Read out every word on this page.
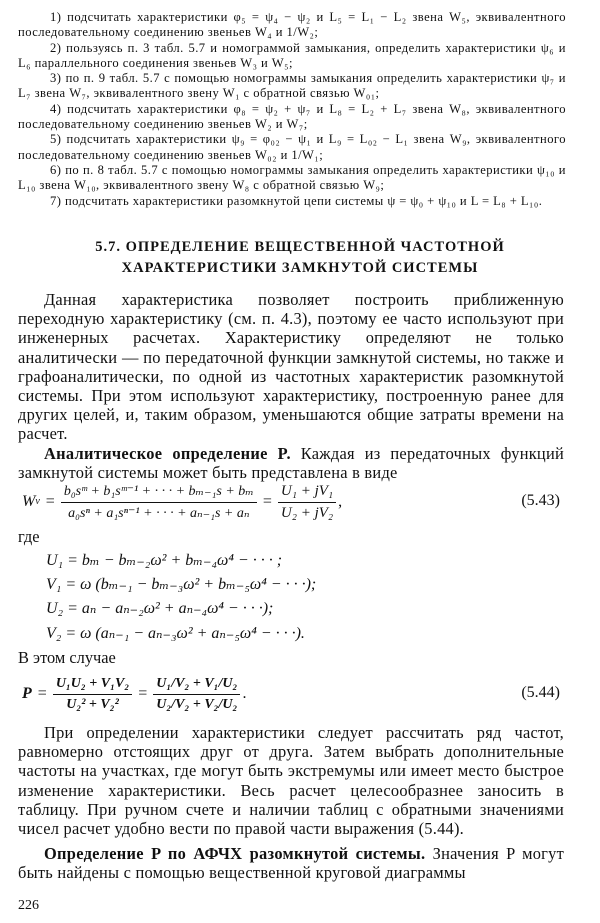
1) подсчитать характеристики φ₅ = ψ₄ − ψ₂ и L₅ = L₁ − L₂ звена W₅, эквивалентного последовательному соединению звеньев W₄ и 1/W₂;

2) пользуясь п. 3 табл. 5.7 и номограммой замыкания, определить характеристики ψ₆ и L₆ параллельного соединения звеньев W₃ и W₅;

3) по п. 9 табл. 5.7 с помощью номограммы замыкания определить характеристики ψ₇ и L₇ звена W₇, эквивалентного звену W₁ с обратной связью W₀₁;

4) подсчитать характеристики φ₈ = ψ₂ + ψ₇ и L₈ = L₂ + L₇ звена W₈, эквивалентного последовательному соединению звеньев W₂ и W₇;

5) подсчитать характеристики ψ₉ = φ₀₂ − ψ₁ и L₉ = L₀₂ − L₁ звена W₉, эквивалентного последовательному соединению звеньев W₀₂ и 1/W₁;

6) по п. 8 табл. 5.7 с помощью номограммы замыкания определить характеристики ψ₁₀ и L₁₀ звена W₁₀, эквивалентного звену W₈ с обратной связью W₉;

7) подсчитать характеристики разомкнутой цепи системы ψ = ψ₀ + ψ₁₀ и L = L₈ + L₁₀.

5.7. ОПРЕДЕЛЕНИЕ ВЕЩЕСТВЕННОЙ ЧАСТОТНОЙ
ХАРАКТЕРИСТИКИ ЗАМКНУТОЙ СИСТЕМЫ

Данная характеристика позволяет построить приближенную переходную характеристику (см. п. 4.3), поэтому ее часто используют при инженерных расчетах. Характеристику определяют не только аналитически — по передаточной функции замкнутой системы, но также и графоаналитически, по одной из частотных характеристик разомкнутой системы. При этом используют характеристику, построенную ранее для других целей, и, таким образом, уменьшаются общие затраты времени на расчет.

Аналитическое определение P. Каждая из передаточных функций замкнутой системы может быть представлена в виде

W $\nu = \frac{\text{b₀sᵐ + b₁sᵐ⁻¹ + · · · + bₘ₋₁s + bₘ}}{\text{a₀sⁿ + a₁sⁿ⁻¹ + · · · + aₙ₋₁s + aₙ}} = \frac{\text{U₁ + jV₁}}{\text{U₂ + jV₂}}$ ,	(5.43)
где
U₁ = bₘ − bₘ₋₂ω² + bₘ₋₄ω⁴ − · · · ;
V₁ = ω (bₘ₋₁ − bₘ₋₃ω² + bₘ₋₅ω⁴ − · · ·);
U₂ = aₙ − aₙ₋₂ω² + aₙ₋₄ω⁴ − · · ·);
V₂ = ω (aₙ₋₁ − aₙ₋₃ω² + aₙ₋₅ω⁴ − · · ·).
В этом случае
$P = \frac{\text{U₁U₂ + V₁V₂}}{\text{U₂² + V₂²}} = \frac{\text{U₁/V₂ + V₁/U₂}}{\text{U₂/V₂ + V₂/U₂}}$ .	(5.44)

При определении характеристики следует рассчитать ряд частот, равномерно отстоящих друг от друга. Затем выбрать дополнительные частоты на участках, где могут быть экстремумы или имеет место быстрое изменение характеристики. Весь расчет целесообразнее заносить в таблицу. При ручном счете и наличии таблиц с обратными значениями чисел расчет удобно вести по правой части выражения (5.44).

Определение P по АФЧХ разомкнутой системы. Значения P могут быть найдены с помощью вещественной круговой диаграммы

226
